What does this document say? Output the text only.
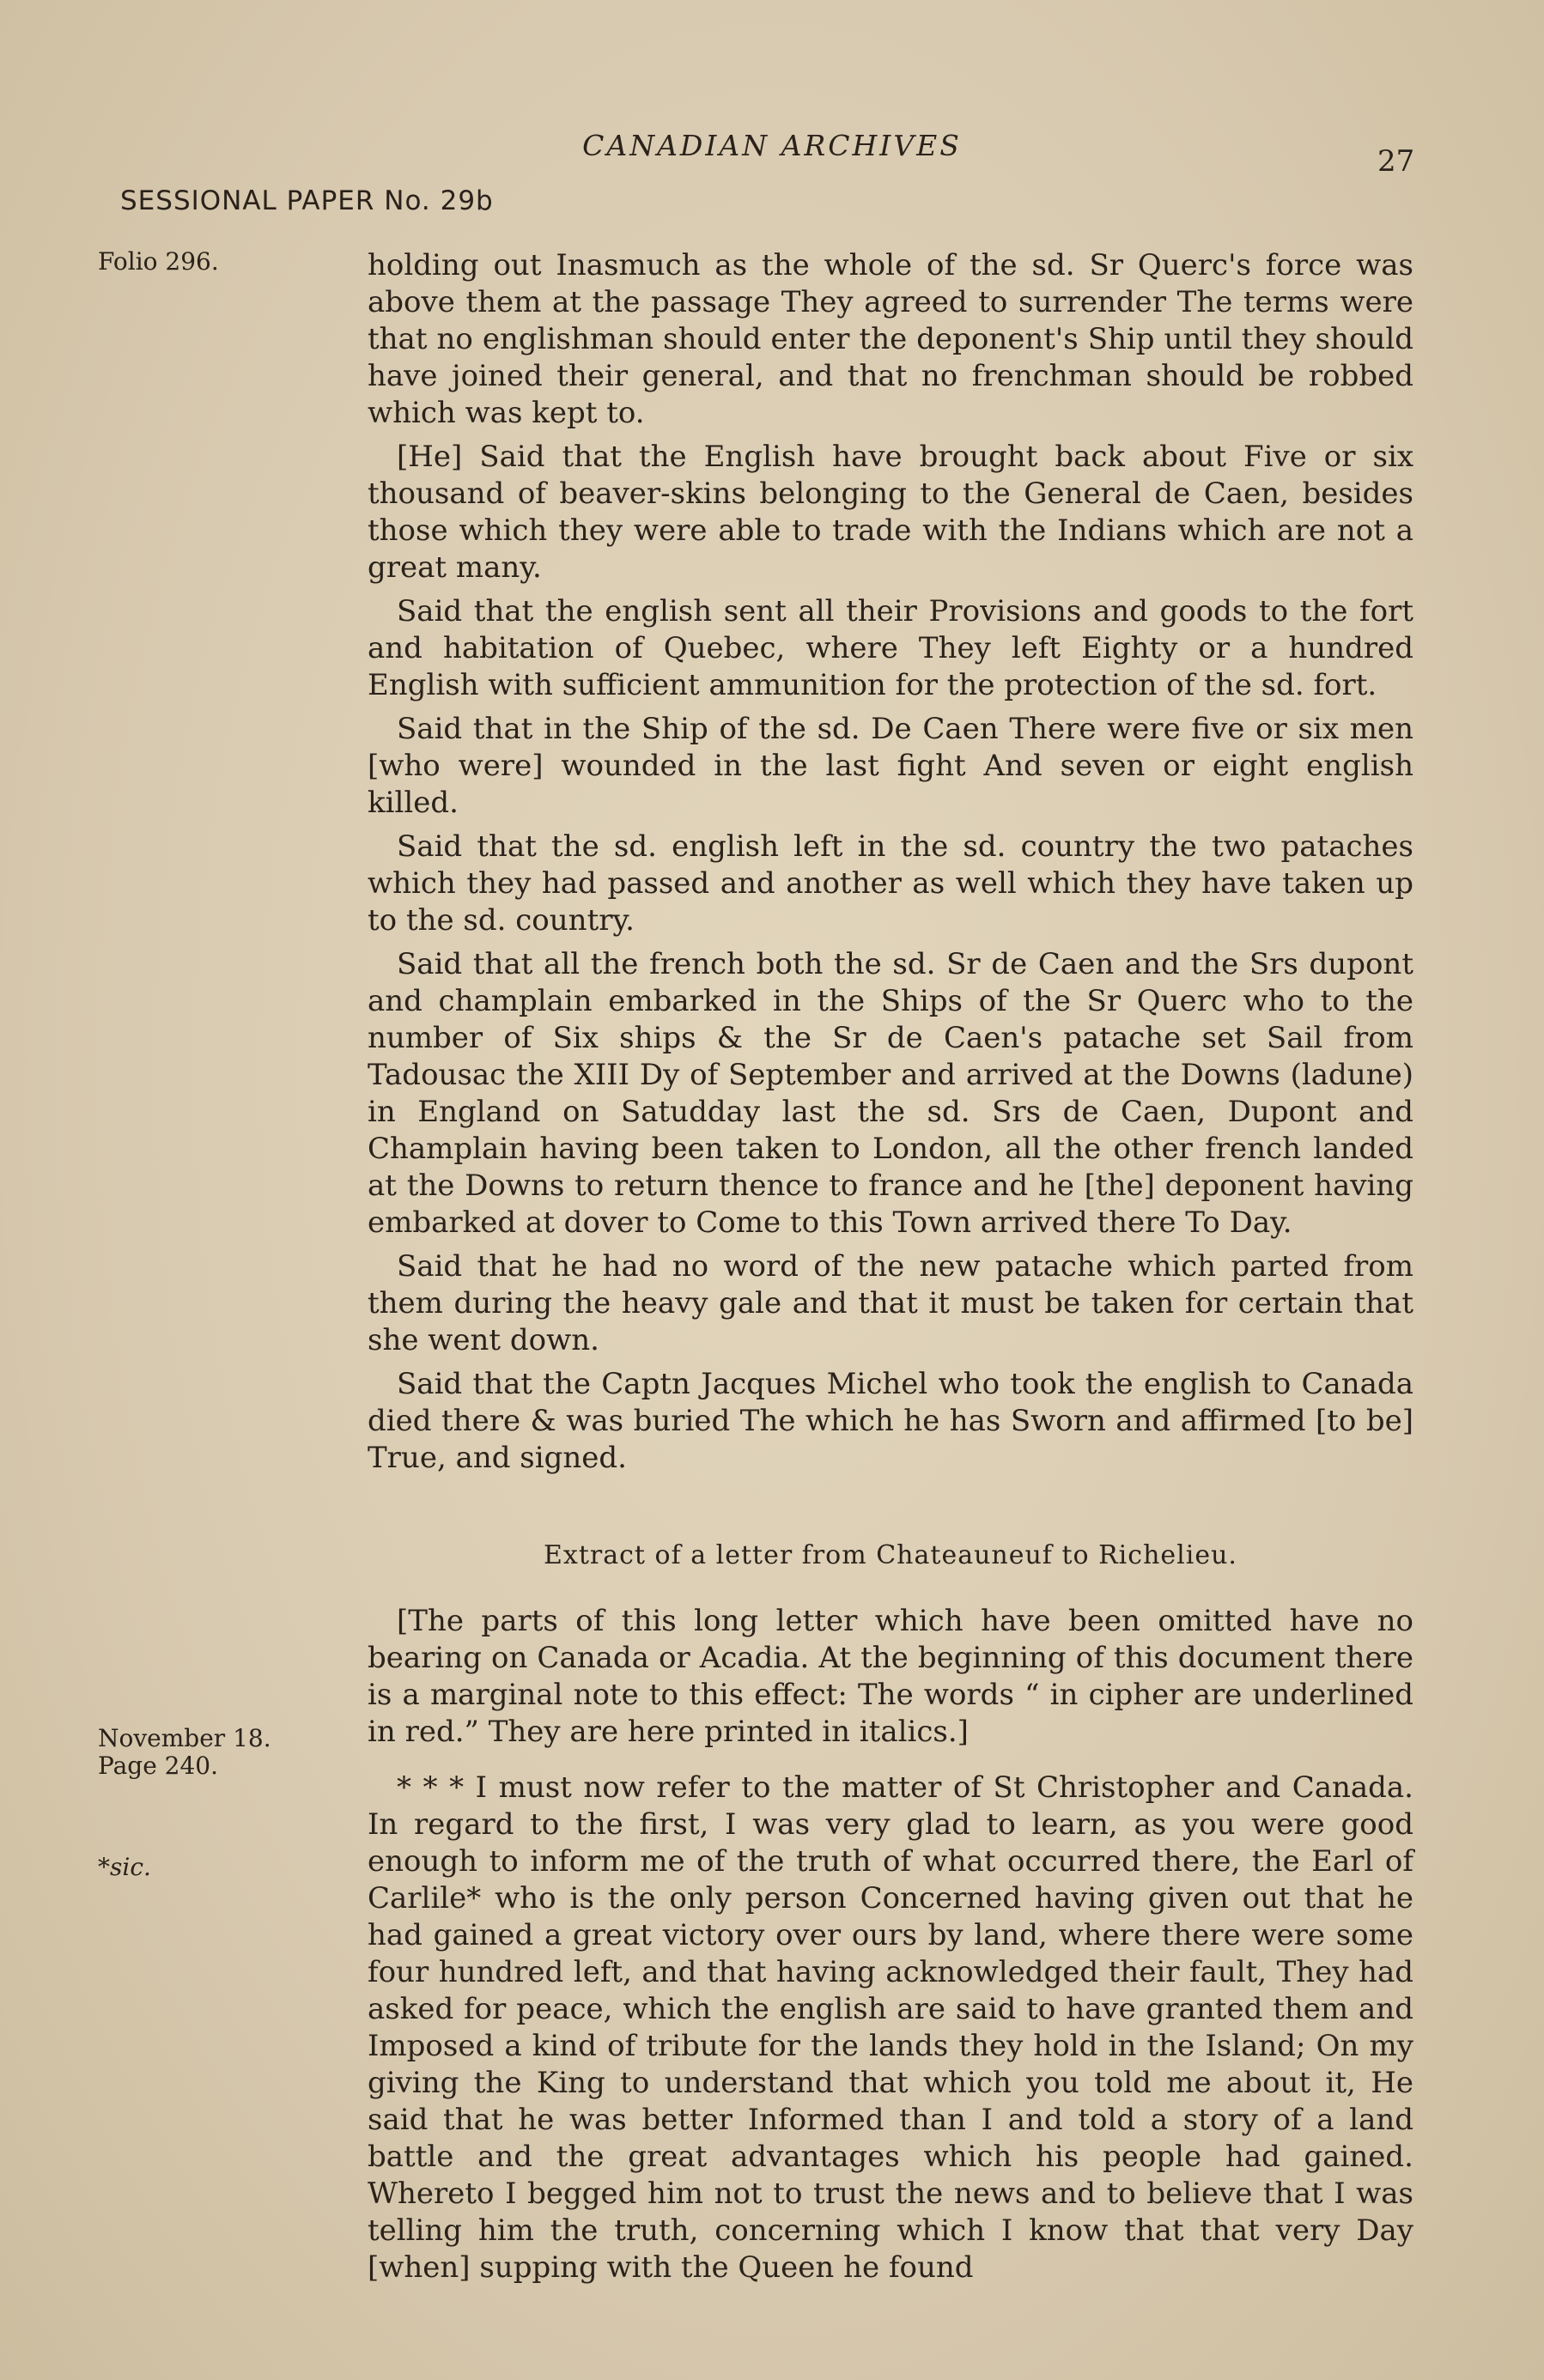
CANADIAN ARCHIVES	27
SESSIONAL PAPER No. 29b
Folio 296.
November 18.
Page 240.
*sic.

holding out Inasmuch as the whole of the sd. Sr Querc's force was above them at the passage They agreed to surrender The terms were that no englishman should enter the deponent's Ship until they should have joined their general, and that no frenchman should be robbed which was kept to.

[He] Said that the English have brought back about Five or six thousand of beaver-skins belonging to the General de Caen, besides those which they were able to trade with the Indians which are not a great many.

Said that the english sent all their Provisions and goods to the fort and habitation of Quebec, where They left Eighty or a hundred English with sufficient ammunition for the protection of the sd. fort.

Said that in the Ship of the sd. De Caen There were five or six men [who were] wounded in the last fight And seven or eight english killed.

Said that the sd. english left in the sd. country the two pataches which they had passed and another as well which they have taken up to the sd. country.

Said that all the french both the sd. Sr de Caen and the Srs dupont and champlain embarked in the Ships of the Sr Querc who to the number of Six ships & the Sr de Caen's patache set Sail from Tadousac the XIII Dy of September and arrived at the Downs (ladune) in England on Satudday last the sd. Srs de Caen, Dupont and Champlain having been taken to London, all the other french landed at the Downs to return thence to france and he [the] deponent having embarked at dover to Come to this Town arrived there To Day.

Said that he had no word of the new patache which parted from them during the heavy gale and that it must be taken for certain that she went down.

Said that the Captn Jacques Michel who took the english to Canada died there & was buried The which he has Sworn and affirmed [to be] True, and signed.

Extract of a letter from Chateauneuf to Richelieu.

[The parts of this long letter which have been omitted have no bearing on Canada or Acadia. At the beginning of this document there is a marginal note to this effect: The words “ in cipher are underlined in red.” They are here printed in italics.]

* * * I must now refer to the matter of St Christopher and Canada. In regard to the first, I was very glad to learn, as you were good enough to inform me of the truth of what occurred there, the Earl of Carlile* who is the only person Concerned having given out that he had gained a great victory over ours by land, where there were some four hundred left, and that having acknowledged their fault, They had asked for peace, which the english are said to have granted them and Imposed a kind of tribute for the lands they hold in the Island; On my giving the King to understand that which you told me about it, He said that he was better Informed than I and told a story of a land battle and the great advantages which his people had gained. Whereto I begged him not to trust the news and to believe that I was telling him the truth, concerning which I know that that very Day [when] supping with the Queen he found
